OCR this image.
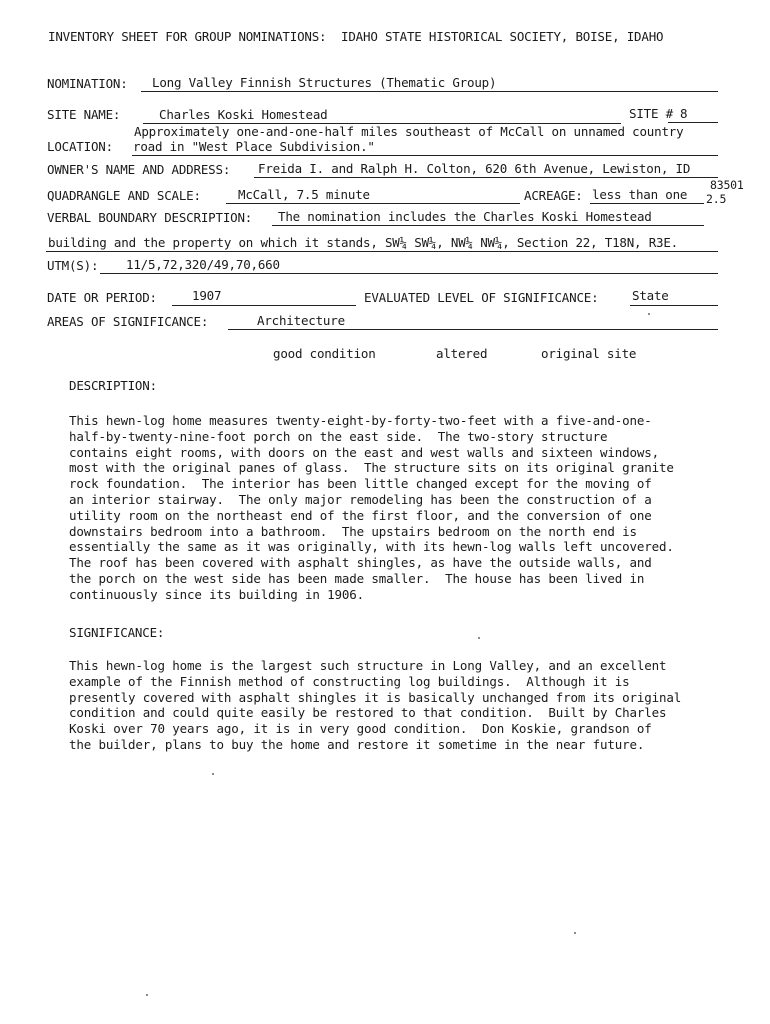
INVENTORY SHEET FOR GROUP NOMINATIONS:  IDAHO STATE HISTORICAL SOCIETY, BOISE, IDAHO
NOMINATION: Long Valley Finnish Structures (Thematic Group)
SITE NAME:	Charles Koski Homestead	SITE # 8
Approximately one-and-one-half miles southeast of McCall on unnamed country
LOCATION: road in "West Place Subdivision."
OWNER'S NAME AND ADDRESS: Freida I. and Ralph H. Colton, 620 6th Avenue, Lewiston, ID
83501
QUADRANGLE AND SCALE:	McCall, 7.5 minute	ACREAGE: less than one 2.5
VERBAL BOUNDARY DESCRIPTION: The nomination includes the Charles Koski Homestead
building and the property on which it stands, SW¼ SW¼, NW¼ NW¼, Section 22, T18N, R3E.
UTM(S): 11/5,72,320/49,70,660
DATE OR PERIOD:	1907	EVALUATED LEVEL OF SIGNIFICANCE:	State
AREAS OF SIGNIFICANCE:	Architecture
good condition	altered	original site
DESCRIPTION:
This hewn-log home measures twenty-eight-by-forty-two-feet with a five-and-one-
half-by-twenty-nine-foot porch on the east side.  The two-story structure
contains eight rooms, with doors on the east and west walls and sixteen windows,
most with the original panes of glass.  The structure sits on its original granite
rock foundation.  The interior has been little changed except for the moving of
an interior stairway.  The only major remodeling has been the construction of a
utility room on the northeast end of the first floor, and the conversion of one
downstairs bedroom into a bathroom.  The upstairs bedroom on the north end is
essentially the same as it was originally, with its hewn-log walls left uncovered.
The roof has been covered with asphalt shingles, as have the outside walls, and
the porch on the west side has been made smaller.  The house has been lived in
continuously since its building in 1906.
SIGNIFICANCE:
This hewn-log home is the largest such structure in Long Valley, and an excellent
example of the Finnish method of constructing log buildings.  Although it is
presently covered with asphalt shingles it is basically unchanged from its original
condition and could quite easily be restored to that condition.  Built by Charles
Koski over 70 years ago, it is in very good condition.  Don Koskie, grandson of
the builder, plans to buy the home and restore it sometime in the near future.
